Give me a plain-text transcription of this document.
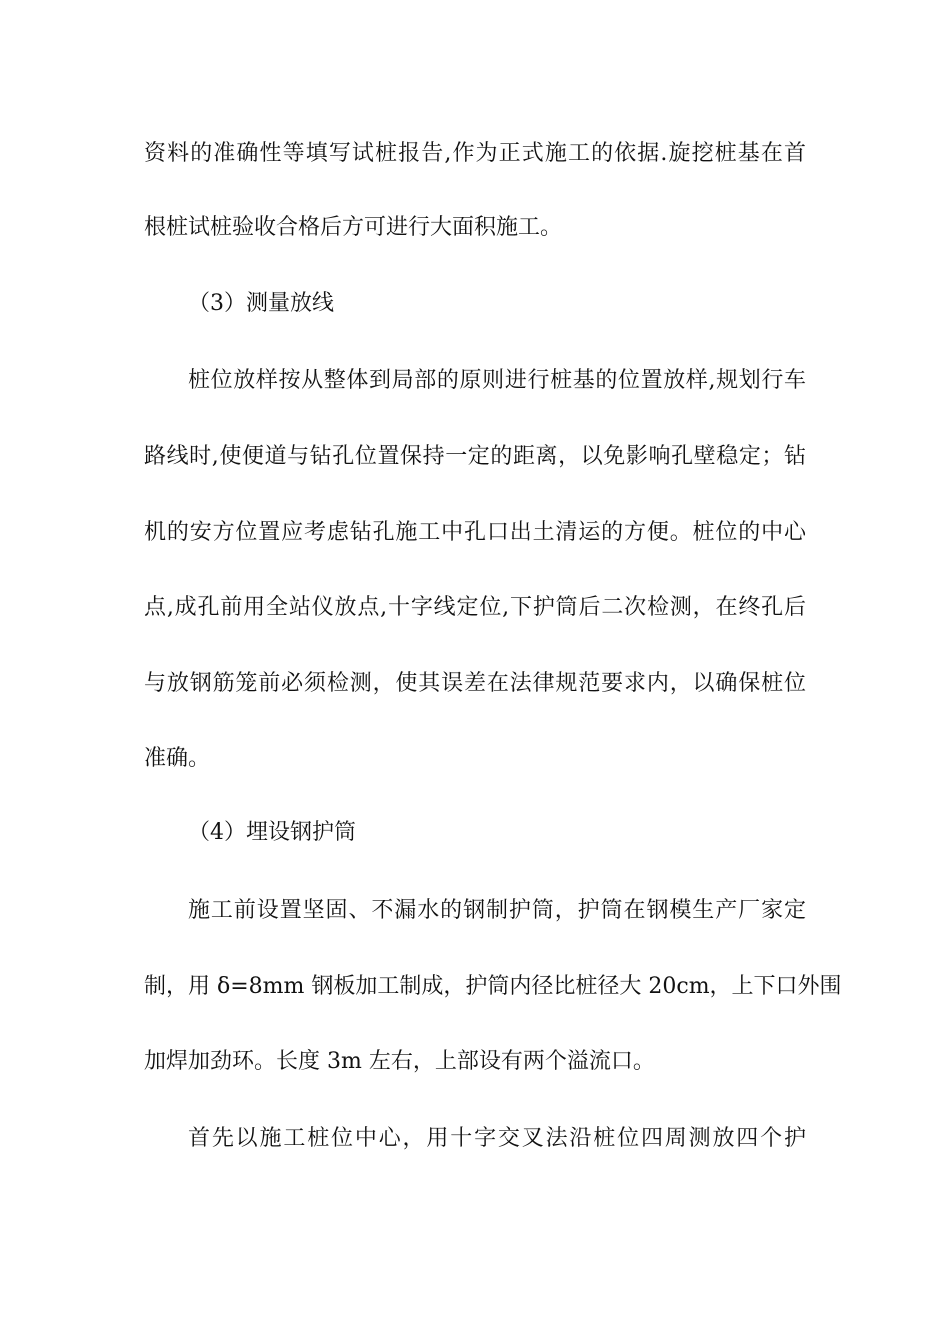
资料的准确性等填写试桩报告,作为正式施工的依据.旋挖桩基在首
根桩试桩验收合格后方可进行大面积施工。
（3）测量放线
桩位放样按从整体到局部的原则进行桩基的位置放样,规划行车
路线时,使便道与钻孔位置保持一定的距离，以免影响孔壁稳定；钻
机的安方位置应考虑钻孔施工中孔口出土清运的方便。桩位的中心
点,成孔前用全站仪放点,十字线定位,下护筒后二次检测，在终孔后
与放钢筋笼前必须检测，使其误差在法律规范要求内，以确保桩位
准确。
（4）埋设钢护筒
施工前设置坚固、不漏水的钢制护筒，护筒在钢模生产厂家定
制，用 δ=8mm 钢板加工制成，护筒内径比桩径大 20cm，上下口外围
加焊加劲环。长度 3m 左右，上部设有两个溢流口。
首先以施工桩位中心，用十字交叉法沿桩位四周测放四个护
